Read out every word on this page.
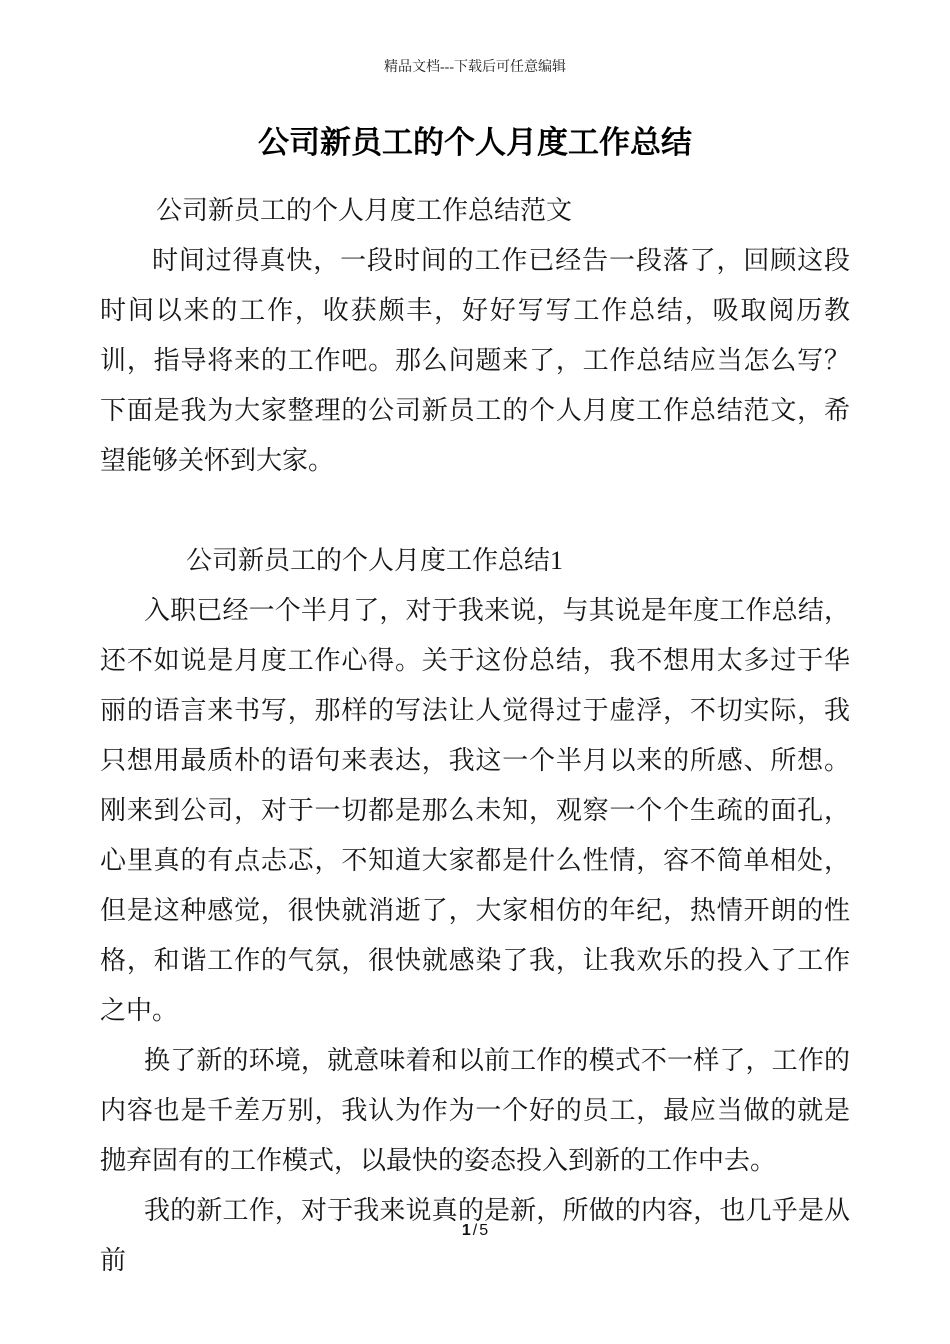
精品文档---下载后可任意编辑
公司新员工的个人月度工作总结

公司新员工的个人月度工作总结范文

时间过得真快，一段时间的工作已经告一段落了，回顾这段时间以来的工作，收获颇丰，好好写写工作总结，吸取阅历教训，指导将来的工作吧。那么问题来了，工作总结应当怎么写？下面是我为大家整理的公司新员工的个人月度工作总结范文，希望能够关怀到大家。

公司新员工的个人月度工作总结1

入职已经一个半月了，对于我来说，与其说是年度工作总结，还不如说是月度工作心得。关于这份总结，我不想用太多过于华丽的语言来书写，那样的写法让人觉得过于虚浮，不切实际，我只想用最质朴的语句来表达，我这一个半月以来的所感、所想。 刚来到公司，对于一切都是那么未知，观察一个个生疏的面孔，心里真的有点忐忑，不知道大家都是什么性情，容不简单相处，但是这种感觉，很快就消逝了，大家相仿的年纪，热情开朗的性格，和谐工作的气氛，很快就感染了我，让我欢乐的投入了工作之中。

换了新的环境，就意味着和以前工作的模式不一样了，工作的内容也是千差万别，我认为作为一个好的员工，最应当做的就是抛弃固有的工作模式，以最快的姿态投入到新的工作中去。

我的新工作，对于我来说真的是新，所做的内容，也几乎是从前

1 / 5
